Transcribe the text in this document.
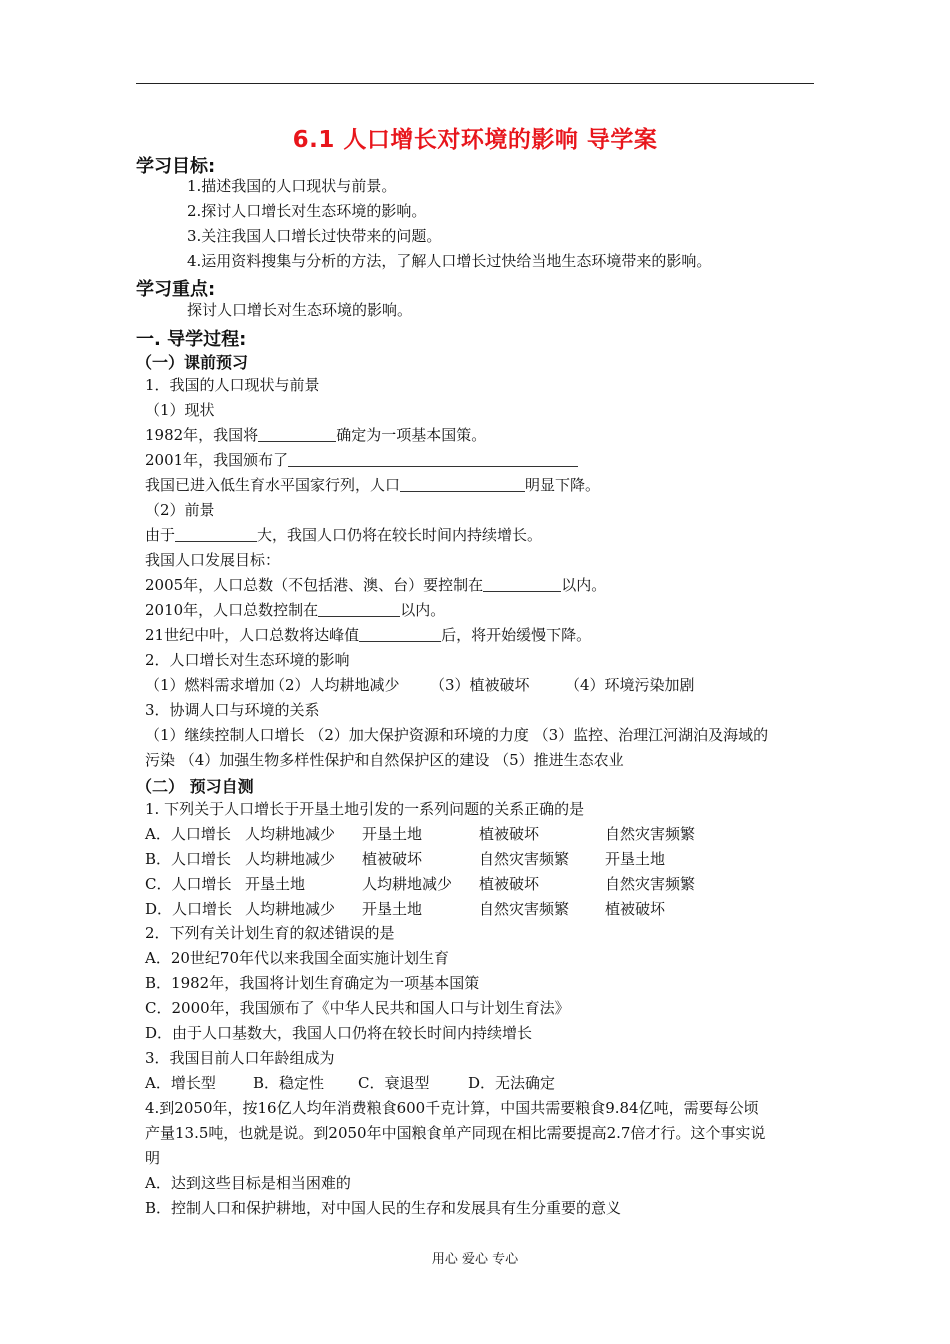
6.1 人口增长对环境的影响 导学案
学习目标:
1.描述我国的人口现状与前景。
2.探讨人口增长对生态环境的影响。
3.关注我国人口增长过快带来的问题。
4.运用资料搜集与分析的方法，了解人口增长过快给当地生态环境带来的影响。
学习重点:
探讨人口增长对生态环境的影响。
一. 导学过程:
（一）课前预习
1．我国的人口现状与前景
（1）现状
1982年，我国将	确定为一项基本国策。
2001年，我国颁布了
我国已进入低生育水平国家行列，人口	明显下降。
（2）前景
由于	大，我国人口仍将在较长时间内持续增长。
我国人口发展目标：
2005年，人口总数（不包括港、澳、台）要控制在	以内。
2010年，人口总数控制在	以内。
21世纪中叶，人口总数将达峰值	后，将开始缓慢下降。
2．人口增长对生态环境的影响
（1）燃料需求增加（2）人均耕地减少 （3）植被破坏 （4）环境污染加剧
3．协调人口与环境的关系
（1）继续控制人口增长 （2）加大保护资源和环境的力度 （3）监控、治理江河湖泊及海域的
污染 （4）加强生物多样性保护和自然保护区的建设 （5）推进生态农业
（二） 预习自测
1. 下列关于人口增长于开垦土地引发的一系列问题的关系正确的是
A．人口增长 人均耕地减少 开垦土地	植被破坏	自然灾害频繁
B．人口增长 人均耕地减少 植被破坏	自然灾害频繁 开垦土地
C．人口增长 开垦土地	人均耕地减少 植被破坏	自然灾害频繁
D．人口增长 人均耕地减少 开垦土地	自然灾害频繁 植被破坏
2．下列有关计划生育的叙述错误的是
A．20世纪70年代以来我国全面实施计划生育
B．1982年，我国将计划生育确定为一项基本国策
C．2000年，我国颁布了《中华人民共和国人口与计划生育法》
D．由于人口基数大，我国人口仍将在较长时间内持续增长
3．我国目前人口年龄组成为
A．增长型 B．稳定性 C．衰退型	D．无法确定
4.到2050年，按16亿人均年消费粮食600千克计算，中国共需要粮食9.84亿吨，需要每公顷
产量13.5吨，也就是说。到2050年中国粮食单产同现在相比需要提高2.7倍才行。这个事实说
明
A．达到这些目标是相当困难的
B．控制人口和保护耕地，对中国人民的生存和发展具有生分重要的意义
用心 爱心 专心
